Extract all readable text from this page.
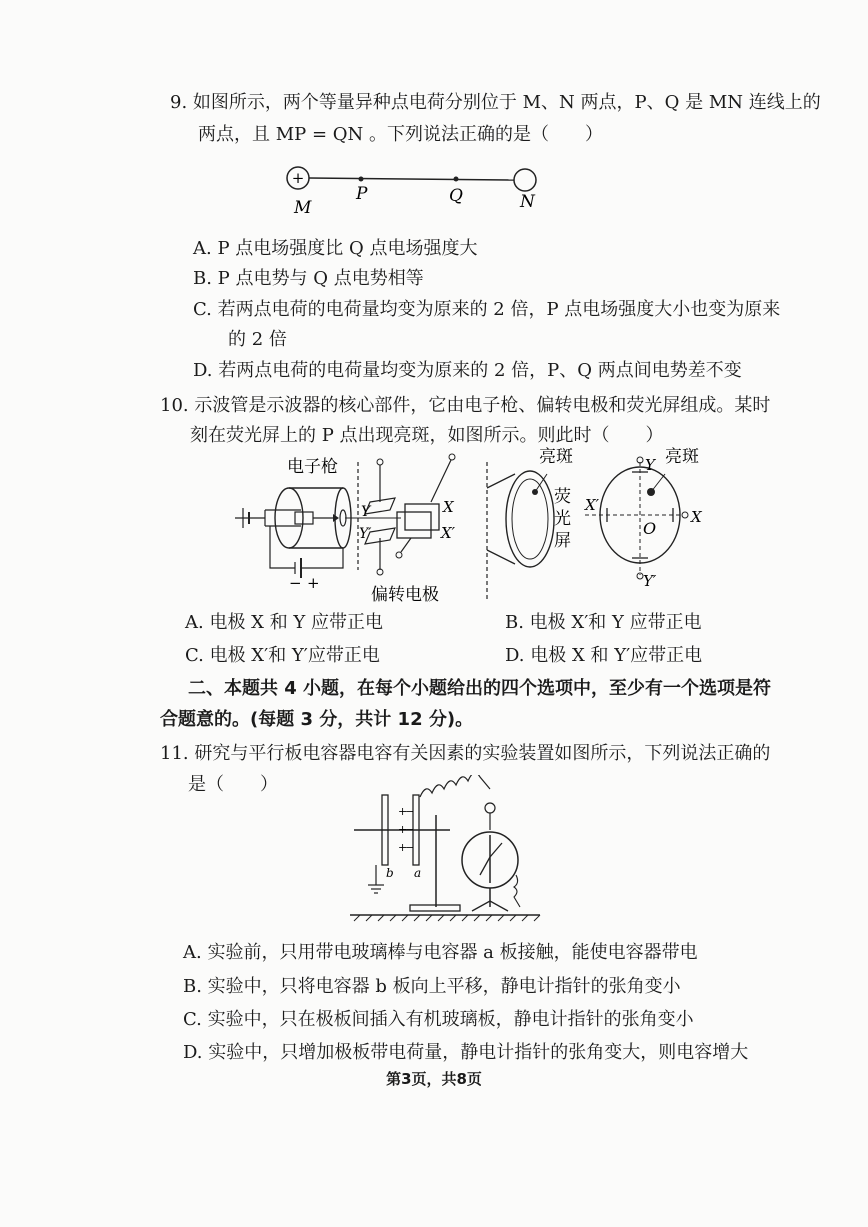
9. 如图所示，两个等量异种点电荷分别位于 M、N 两点，P、Q 是 MN 连线上的
两点，且 MP = QN 。下列说法正确的是（　　）
+
M
P	Q	N
A. P 点电场强度比 Q 点电场强度大
B. P 点电势与 Q 点电势相等
C. 若两点电荷的电荷量均变为原来的 2 倍，P 点电场强度大小也变为原来
的 2 倍
D. 若两点电荷的电荷量均变为原来的 2 倍，P、Q 两点间电势差不变
10. 示波管是示波器的核心部件，它由电子枪、偏转电极和荧光屏组成。某时
刻在荧光屏上的 P 点出现亮斑，如图所示。则此时（　　）
电子枪
− +
Y
Y′
X
X′
偏转电极
亮斑
荧
光
屏
亮斑
Y
Y′
X
X′
O
A. 电极 X 和 Y 应带正电	B. 电极 X′和 Y 应带正电
C. 电极 X′和 Y′应带正电	D. 电极 X 和 Y′应带正电
二、本题共 4 小题，在每个小题给出的四个选项中，至少有一个选项是符
合题意的。(每题 3 分，共计 12 分)。
11. 研究与平行板电容器电容有关因素的实验装置如图所示，下列说法正确的
是（　　）
+
+
+
−
−
−
b a
A. 实验前，只用带电玻璃棒与电容器 a 板接触，能使电容器带电
B. 实验中，只将电容器 b 板向上平移，静电计指针的张角变小
C. 实验中，只在极板间插入有机玻璃板，静电计指针的张角变小
D. 实验中，只增加极板带电荷量，静电计指针的张角变大，则电容增大
第3页，共8页
